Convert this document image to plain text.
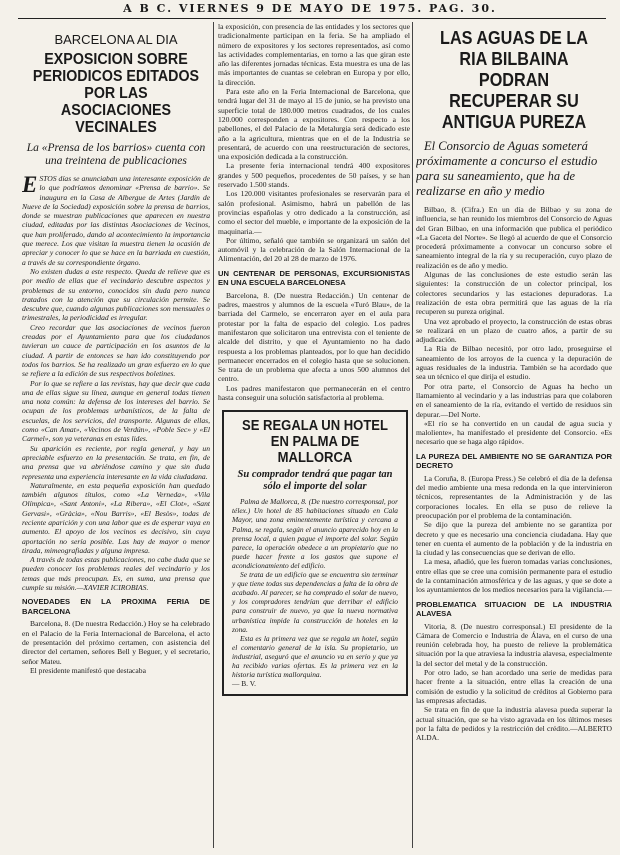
A B C. VIERNES 9 DE MAYO DE 1975. PAG. 30.
BARCELONA AL DIA
EXPOSICION SOBRE PERIODICOS EDITADOS POR LAS ASOCIACIONES VECINALES
La «Prensa de los barrios» cuenta con una treintena de publicaciones

ESTOS días se anunciaban una interesante exposición de lo que podríamos denominar «Prensa de barrio». Se inaugura en la Casa de Albergue de Artes (Jardín de Nueve de la Sociedad) exposición sobre la prensa de barrios, donde se muestran publicaciones que aparecen en nuestra ciudad, editadas por las distintas Asociaciones de Vecinos, que han proliferado, dando al acontecimiento la importancia que merece. Los que visitan la muestra tienen la ocasión de apreciar y conocer lo que se hace en la barriada en cuestión, a través de su correspondiente órgano.

No existen dudas a este respecto. Queda de relieve que es por medio de ellas que el vecindario descubre aspectos y problemas de su entorno, conocidos sin duda pero nunca tratados con la atención que su circulación permite. Se descubre que, cuando algunas publicaciones son mensuales o trimestrales, la periodicidad es irregular.

Creo recordar que las asociaciones de vecinos fueron creadas por el Ayuntamiento para que los ciudadanos tuvieran un cauce de participación en los asuntos de la ciudad. A partir de entonces se han ido constituyendo por todos los barrios. Se ha realizado un gran esfuerzo en lo que se refiere a la edición de sus respectivos boletines.

Por lo que se refiere a las revistas, hay que decir que cada una de ellas sigue su línea, aunque en general todas tienen una nota común: la defensa de los intereses del barrio. Se ocupan de los problemas urbanísticos, de la falta de escuelas, de los servicios, del transporte. Algunas de ellas, como «Can Amat», «Vecinos de Verdún», «Poble Sec» y «El Carmel», son ya veteranas en estas lides.

Su aparición es reciente, por regla general, y hay un apreciable esfuerzo en la presentación. Se trata, en fin, de una prensa que va abriéndose camino y que sin duda representa una experiencia interesante en la vida ciudadana.

Naturalmente, en esta pequeña exposición han quedado también algunos títulos, como «La Verneda», «Vila Olímpica», «Sant Antoni», «La Ribera», «El Clot», «Sant Gervasi», «Gràcia», «Nou Barris», «El Besòs», todas de reciente aparición y con una labor que es de esperar vaya en aumento. El apoyo de los vecinos es decisivo, sin cuya aportación no sería posible. Las hay de mayor o menor tirada, mimeografiadas y alguna impresa.

A través de todas estas publicaciones, no cabe duda que se pueden conocer los problemas reales del vecindario y los temas que más preocupan. Es, en suma, una prensa que cumple su misión.—XAVIER ICIROBIAS.

NOVEDADES EN LA PROXIMA FERIA DE BARCELONA

Barcelona, 8. (De nuestra Redacción.) Hoy se ha celebrado en el Palacio de la Feria Internacional de Barcelona, el acto de presentación del próximo certamen, con asistencia del director del certamen, señores Bell y Beguer, y el secretario, señor Mateu.

El presidente manifestó que destacaba

la exposición, con presencia de las entidades y los sectores que tradicionalmente participan en la feria. Se ha ampliado el número de expositores y los sectores representados, así como las actividades complementarias, en torno a las que giran este año las diferentes jornadas técnicas. Esta muestra es una de las más importantes de cuantas se celebran en Europa y por ello, la dirección.

Para este año en la Feria Internacional de Barcelona, que tendrá lugar del 31 de mayo al 15 de junio, se ha previsto una superficie total de 180.000 metros cuadrados, de los cuales 120.000 corresponden a expositores. Con respecto a los pabellones, el del Palacio de la Metalurgia será dedicado este año a la agricultura, mientras que en el de la Industria se presentará, de acuerdo con una reestructuración de sectores, una exposición dedicada a la construcción.

La presente feria internacional tendrá 400 expositores grandes y 500 pequeños, procedentes de 50 países, y se han reservado 1.500 stands.

Los 120.000 visitantes profesionales se reservarán para el salón profesional. Asimismo, habrá un pabellón de las provincias españolas y otro dedicado a la construcción, así como el sector del mueble, e importante de la exposición de la maquinaria.—

Por último, señaló que también se organizará un salón del automóvil y la celebración de la Salón Internacional de la Alimentación, del 20 al 28 de marzo de 1976.

UN CENTENAR DE PERSONAS, EXCURSIONISTAS EN UNA ESCUELA BARCELONESA

Barcelona, 8. (De nuestra Redacción.) Un centenar de padres, maestros y alumnos de la escuela «Turó Blau», de la barriada del Carmelo, se encerraron ayer en el aula para protestar por la falta de espacio del colegio. Los padres manifestaron que solicitaron una entrevista con el teniente de alcalde del distrito, y que el Ayuntamiento no ha dado respuesta a los problemas planteados, por lo que han decidido permanecer encerrados en el colegio hasta que se solucionen. Se trata de un problema que afecta a unos 500 alumnos del centro.

Los padres manifestaron que permanecerán en el centro hasta conseguir una solución satisfactoria al problema.

SE REGALA UN HOTEL EN PALMA DE MALLORCA
Su comprador tendrá que pagar tan sólo el importe del solar

Palma de Mallorca, 8. (De nuestro corresponsal, por télex.) Un hotel de 85 habitaciones situado en Cala Mayor, una zona eminentemente turística y cercana a Palma, se regala, según el anuncio aparecido hoy en la prensa local, a quien pague el importe del solar. Según parece, la operación obedece a un propietario que no puede hacer frente a los gastos que supone el acondicionamiento del edificio.

Se trata de un edificio que se encuentra sin terminar y que tiene todas sus dependencias a falta de la obra de acabado. Al parecer, se ha comprado el solar de nuevo, y los compradores tendrían que derribar el edificio para construir de nuevo, ya que la nueva normativa urbanística impide la construcción de hoteles en la zona.

Esta es la primera vez que se regala un hotel, según el comentario general de la isla. Su propietario, un industrial, aseguró que el anuncio va en serio y que ya ha recibido varias ofertas. Es la primera vez en la historia turística mallorquina.

— B. V.

LAS AGUAS DE LA RIA BILBAINA PODRAN RECUPERAR SU ANTIGUA PUREZA
El Consorcio de Aguas someterá próximamente a concurso el estudio para su saneamiento, que ha de realizarse en año y medio

Bilbao, 8. (Cifra.) En un día de Bilbao y su zona de influencia, se han reunido los miembros del Consorcio de Aguas del Gran Bilbao, en una información que publica el periódico «La Gaceta del Norte». Se llegó al acuerdo de que el Consorcio procederá próximamente a convocar un concurso sobre el saneamiento integral de la ría y su recuperación, cuyo plazo de realización es de año y medio.

Algunas de las conclusiones de este estudio serán las siguientes: la construcción de un colector principal, los colectores secundarios y las estaciones depuradoras. La realización de esta obra permitirá que las aguas de la ría recuperen su pureza original.

Una vez aprobado el proyecto, la construcción de estas obras se realizará en un plazo de cuatro años, a partir de su adjudicación.

La Ría de Bilbao necesitó, por otro lado, proseguirse el saneamiento de los arroyos de la cuenca y la depuración de aguas residuales de la industria. También se ha acordado que sea un técnico el que dirija el estudio.

Por otra parte, el Consorcio de Aguas ha hecho un llamamiento al vecindario y a las industrias para que colaboren en el saneamiento de la ría, evitando el vertido de residuos sin depurar.—Del Norte.

«El río se ha convertido en un caudal de agua sucia y maloliente», ha manifestado el presidente del Consorcio. «Es necesario que se haga algo rápido».

LA PUREZA DEL AMBIENTE NO SE GARANTIZA POR DECRETO

La Coruña, 8. (Europa Press.) Se celebró el día de la defensa del medio ambiente una mesa redonda en la que intervinieron técnicos, representantes de la Administración y de las corporaciones locales. En ella se puso de relieve la preocupación por el problema de la contaminación.

Se dijo que la pureza del ambiente no se garantiza por decreto y que es necesario una conciencia ciudadana. Hay que tener en cuenta el aumento de la población y de la industria en la ciudad y las consecuencias que se derivan de ello.

La mesa, añadió, que les fueron tomadas varias conclusiones, entre ellas que se cree una comisión permanente para el estudio de la contaminación atmosférica y de las aguas, y que se dote a los ayuntamientos de los medios necesarios para la vigilancia.—

PROBLEMATICA SITUACION DE LA INDUSTRIA ALAVESA

Vitoria, 8. (De nuestro corresponsal.) El presidente de la Cámara de Comercio e Industria de Álava, en el curso de una reunión celebrada hoy, ha puesto de relieve la problemática situación por la que atraviesa la industria alavesa, especialmente la del sector del metal y de la construcción.

Por otro lado, se han acordado una serie de medidas para hacer frente a la situación, entre ellas la creación de una comisión de estudio y la solicitud de créditos al Gobierno para las empresas afectadas.

Se trata en fin de que la industria alavesa pueda superar la actual situación, que se ha visto agravada en los últimos meses por la falta de pedidos y la restricción del crédito.—ALBERTO ALDA.
